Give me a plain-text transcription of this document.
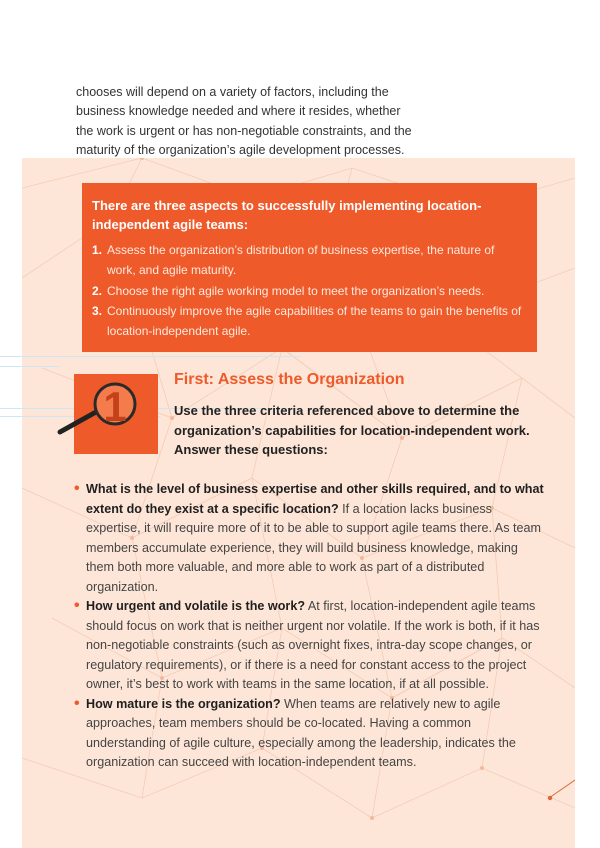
chooses will depend on a variety of factors, including the business knowledge needed and where it resides, whether the work is urgent or has non-negotiable constraints, and the maturity of the organization’s agile development processes.

There are three aspects to successfully implementing location-independent agile teams:
1. Assess the organization’s distribution of business expertise, the nature of work, and agile maturity.
2. Choose the right agile working model to meet the organization’s needs.
3. Continuously improve the agile capabilities of the teams to gain the benefits of location-independent agile.
1
First: Assess the Organization
Use the three criteria referenced above to determine the organization’s capabilities for location-independent work. Answer these questions:
• What is the level of business expertise and other skills required, and to what extent do they exist at a specific location? If a location lacks business expertise, it will require more of it to be able to support agile teams there. As team members accumulate experience, they will build business knowledge, making them both more valuable, and more able to work as part of a distributed organization.
• How urgent and volatile is the work? At first, location-independent agile teams should focus on work that is neither urgent nor volatile. If the work is both, if it has non-negotiable constraints (such as overnight fixes, intra-day scope changes, or regulatory requirements), or if there is a need for constant access to the project owner, it’s best to work with teams in the same location, if at all possible.
• How mature is the organization? When teams are relatively new to agile approaches, team members should be co-located. Having a common understanding of agile culture, especially among the leadership, indicates the organization can succeed with location-independent teams.
